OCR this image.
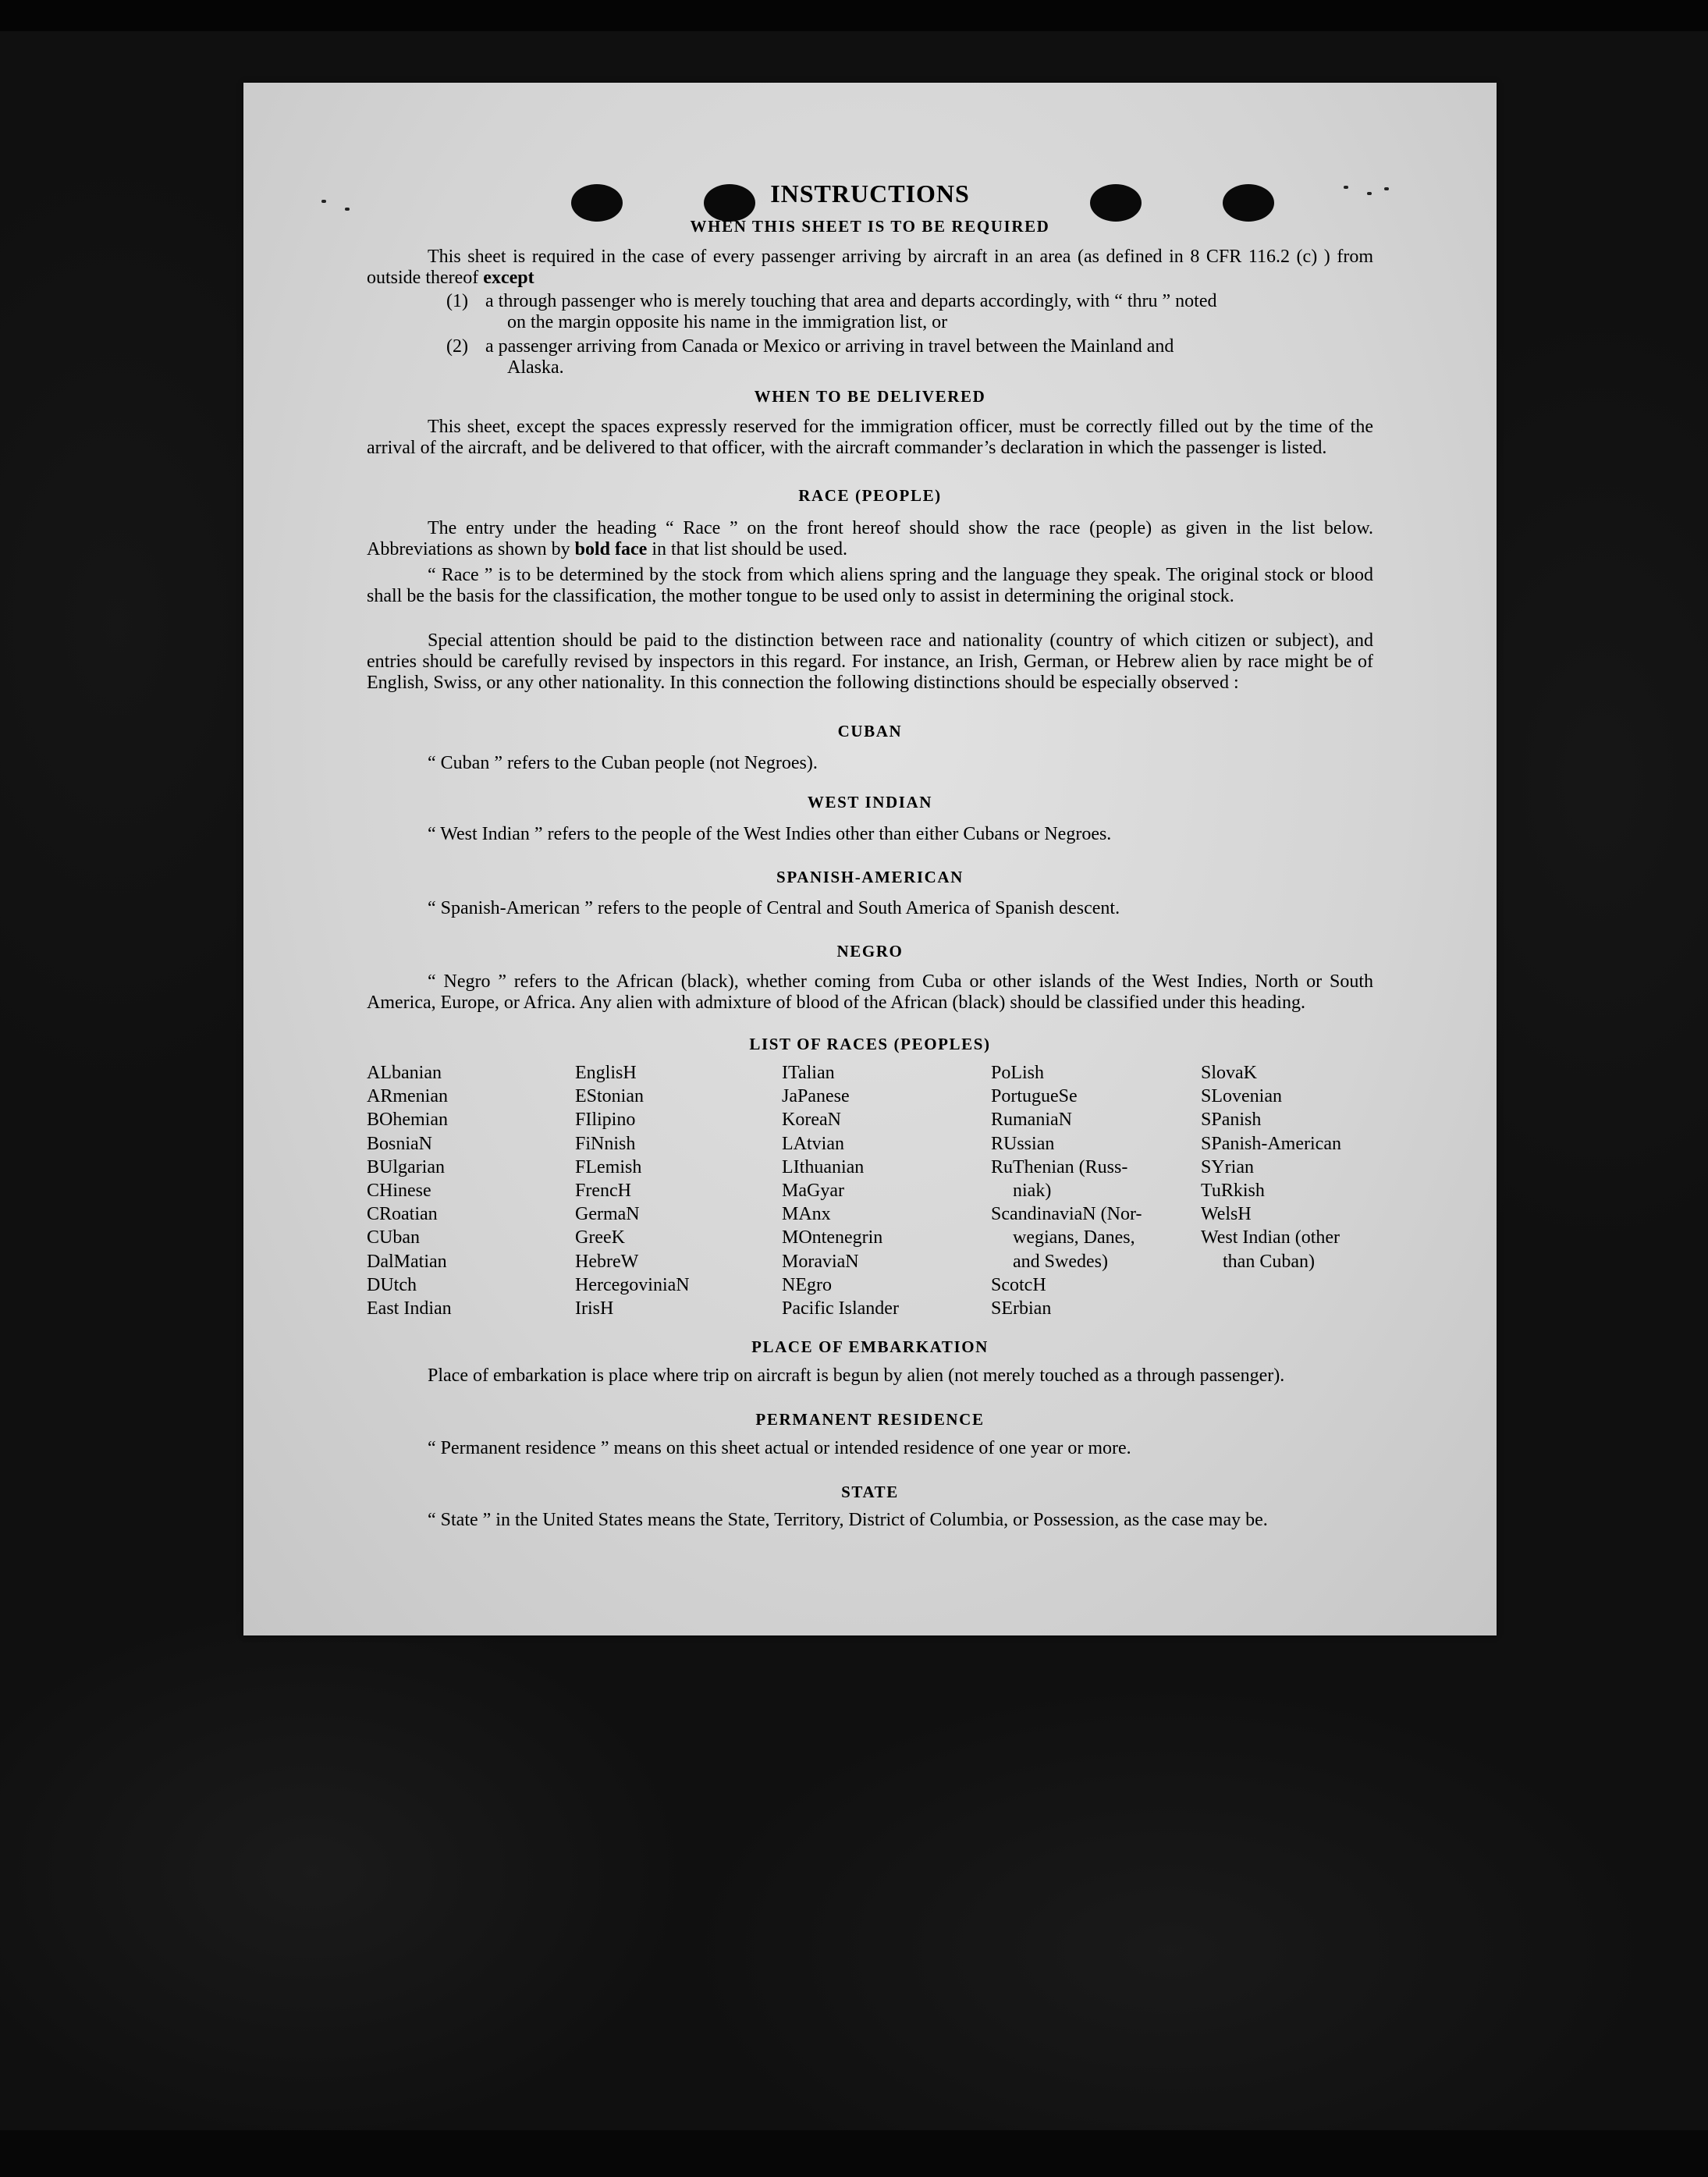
INSTRUCTIONS
WHEN THIS SHEET IS TO BE REQUIRED
This sheet is required in the case of every passenger arriving by aircraft in an area (as defined in 8 CFR 116.2 (c) ) from outside thereof except
(1) a through passenger who is merely touching that area and departs accordingly, with “ thru ” noted
on the margin opposite his name in the immigration list, or
(2) a passenger arriving from Canada or Mexico or arriving in travel between the Mainland and
Alaska.
WHEN TO BE DELIVERED
This sheet, except the spaces expressly reserved for the immigration officer, must be correctly filled out by the time of the arrival of the aircraft, and be delivered to that officer, with the aircraft commander’s declaration in which the passenger is listed.
RACE (PEOPLE)
The entry under the heading “ Race ” on the front hereof should show the race (people) as given in the list below. Abbreviations as shown by bold face in that list should be used.
“ Race ” is to be determined by the stock from which aliens spring and the language they speak. The original stock or blood shall be the basis for the classification, the mother tongue to be used only to assist in determining the original stock.
Special attention should be paid to the distinction between race and nationality (country of which citizen or subject), and entries should be carefully revised by inspectors in this regard. For instance, an Irish, German, or Hebrew alien by race might be of English, Swiss, or any other nationality. In this connection the following distinctions should be especially observed :
CUBAN
“ Cuban ” refers to the Cuban people (not Negroes).
WEST INDIAN
“ West Indian ” refers to the people of the West Indies other than either Cubans or Negroes.
SPANISH-AMERICAN
“ Spanish-American ” refers to the people of Central and South America of Spanish descent.
NEGRO
“ Negro ” refers to the African (black), whether coming from Cuba or other islands of the West Indies, North or South America, Europe, or Africa. Any alien with admixture of blood of the African (black) should be classified under this heading.
LIST OF RACES (PEOPLES)
ALbanian
ARmenian
BOhemian
BosniaN
BUlgarian
CHinese
CRoatian
CUban
DalMatian
DUtch
East Indian
EnglisH
EStonian
FIlipino
FiNnish
FLemish
FrencH
GermaN
GreeK
HebreW
HercegoviniaN
IrisH
ITalian
JaPanese
KoreaN
LAtvian
LIthuanian
MaGyar
MAnx
MOntenegrin
MoraviaN
NEgro
Pacific Islander
PoLish
PortugueSe
RumaniaN
RUssian
RuThenian (Russ-
niak)
ScandinaviaN (Nor-
wegians, Danes,
and Swedes)
ScotcH
SErbian
SlovaK
SLovenian
SPanish
SPanish-American
SYrian
TuRkish
WelsH
West Indian (other
than Cuban)
PLACE OF EMBARKATION
Place of embarkation is place where trip on aircraft is begun by alien (not merely touched as a through passenger).
PERMANENT RESIDENCE
“ Permanent residence ” means on this sheet actual or intended residence of one year or more.
STATE
“ State ” in the United States means the State, Territory, District of Columbia, or Possession, as the case may be.
